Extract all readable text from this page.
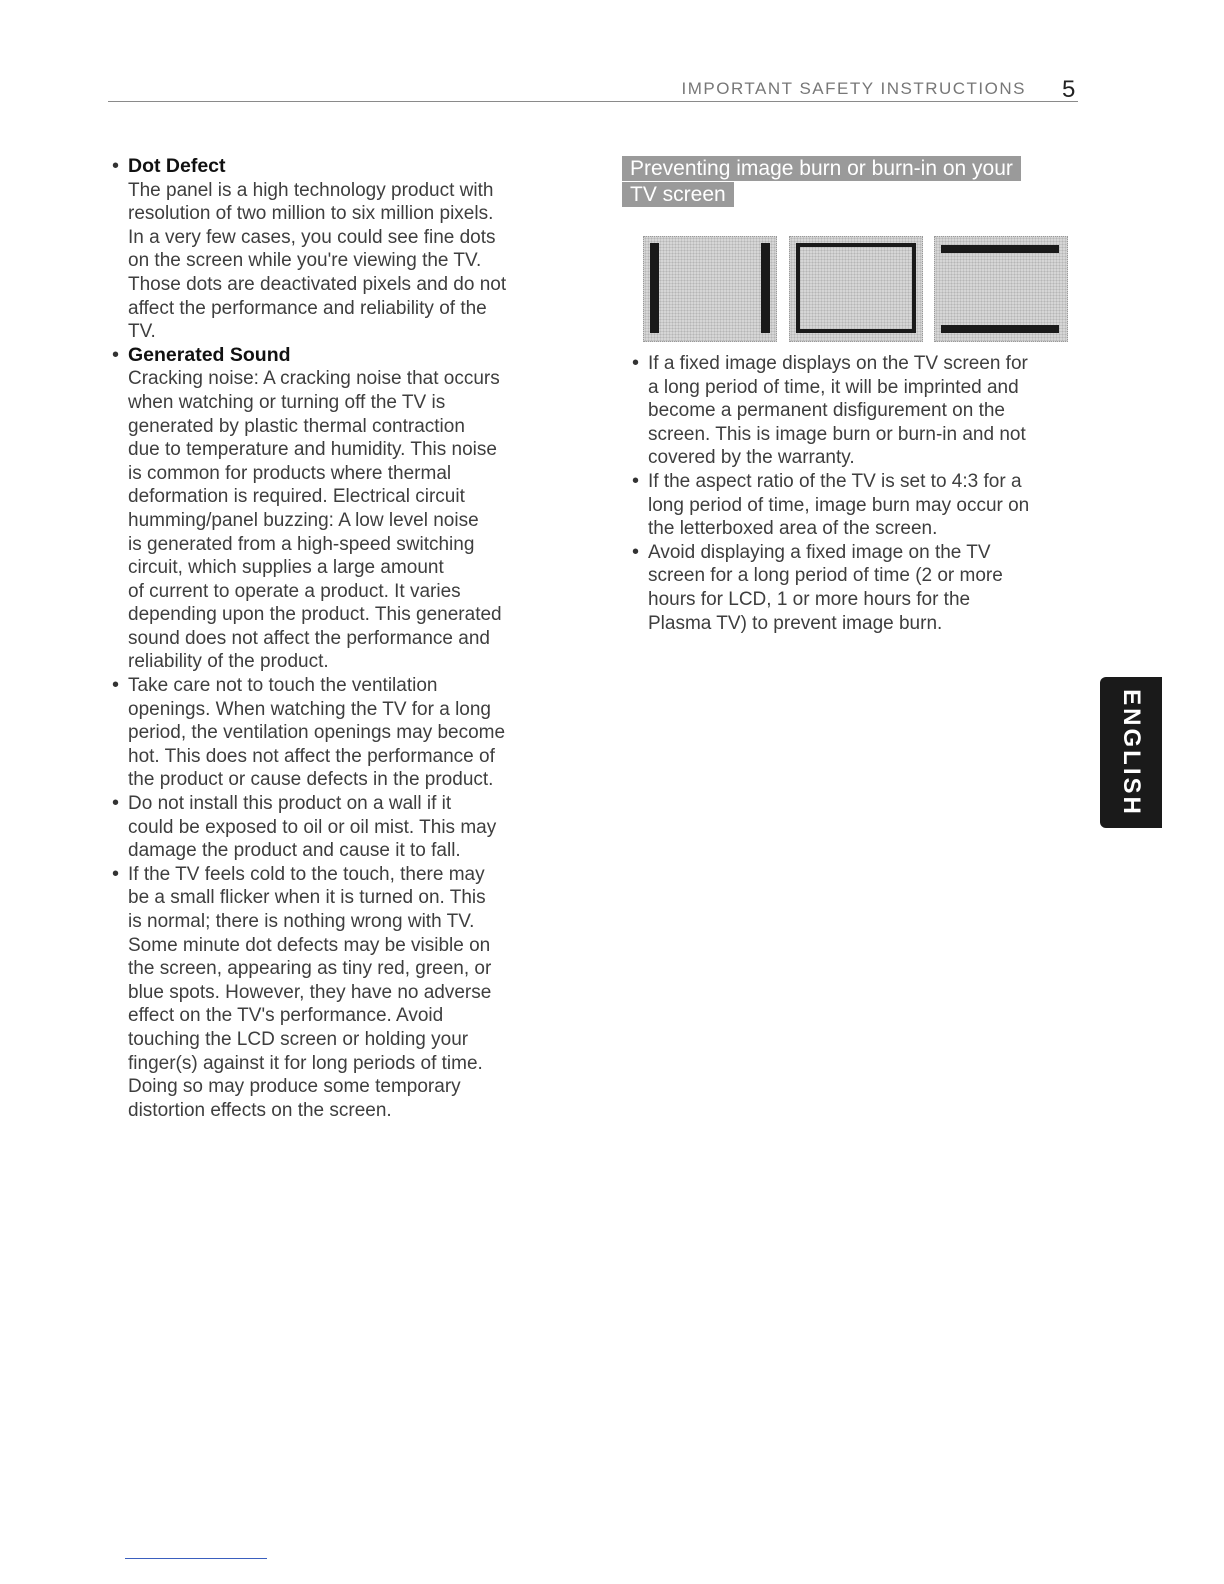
IMPORTANT SAFETY INSTRUCTIONS 5
• Dot Defect
The panel is a high technology product with
resolution of two million to six million pixels.
In a very few cases, you could see fine dots
on the screen while you're viewing the TV.
Those dots are deactivated pixels and do not
affect the performance and reliability of the
TV.
• Generated Sound
Cracking noise: A cracking noise that occurs
when watching or turning off the TV is
generated by plastic thermal contraction
due to temperature and humidity. This noise
is common for products where thermal
deformation is required. Electrical circuit
humming/panel buzzing: A low level noise
is generated from a high-speed switching
circuit, which supplies a large amount
of current to operate a product. It varies
depending upon the product. This generated
sound does not affect the performance and
reliability of the product.
• Take care not to touch the ventilation
openings. When watching the TV for a long
period, the ventilation openings may become
hot. This does not affect the performance of
the product or cause defects in the product.
• Do not install this product on a wall if it
could be exposed to oil or oil mist. This may
damage the product and cause it to fall.
• If the TV feels cold to the touch, there may
be a small flicker when it is turned on. This
is normal; there is nothing wrong with TV.
Some minute dot defects may be visible on
the screen, appearing as tiny red, green, or
blue spots. However, they have no adverse
effect on the TV's performance. Avoid
touching the LCD screen or holding your
finger(s) against it for long periods of time.
Doing so may produce some temporary
distortion effects on the screen.
Preventing image burn or burn-in on your
TV screen
• If a fixed image displays on the TV screen for
a long period of time, it will be imprinted and
become a permanent disfigurement on the
screen. This is image burn or burn-in and not
covered by the warranty.
• If the aspect ratio of the TV is set to 4:3 for a
long period of time, image burn may occur on
the letterboxed area of the screen.
• Avoid displaying a fixed image on the TV
screen for a long period of time (2 or more
hours for LCD, 1 or more hours for the
Plasma TV) to prevent image burn.
ENGLISH
